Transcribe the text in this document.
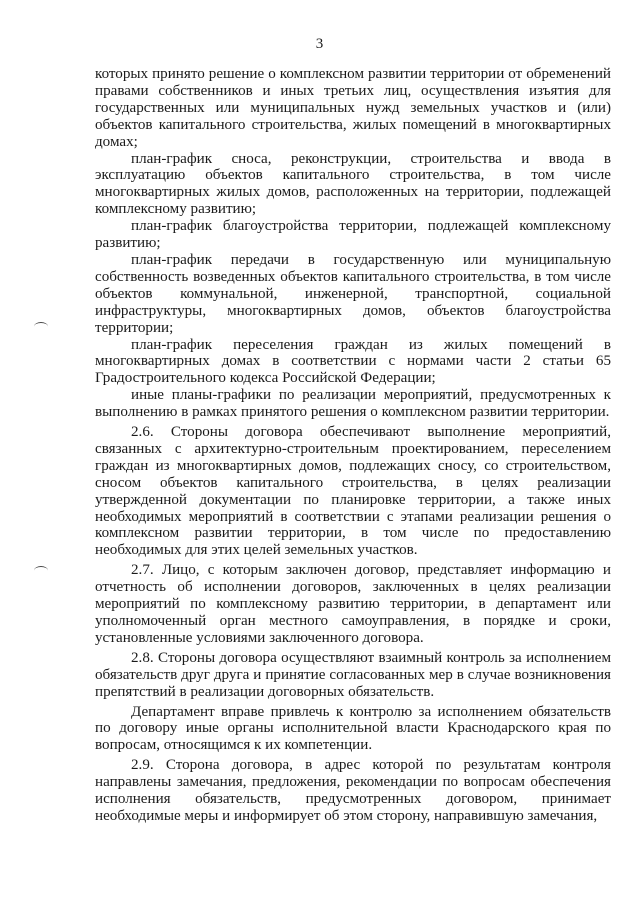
3

которых принято решение о комплексном развитии территории от обременений правами собственников и иных третьих лиц, осуществления изъятия для государственных или муниципальных нужд земельных участков и (или) объектов капитального строительства, жилых помещений в многоквартирных домах;

план-график сноса, реконструкции, строительства и ввода в эксплуатацию объектов капитального строительства, в том числе многоквартирных жилых домов, расположенных на территории, подлежащей комплексному развитию;

план-график благоустройства территории, подлежащей комплексному развитию;

план-график передачи в государственную или муниципальную собственность возведенных объектов капитального строительства, в том числе объектов коммунальной, инженерной, транспортной, социальной инфраструктуры, многоквартирных домов, объектов благоустройства территории;

план-график переселения граждан из жилых помещений в многоквартирных домах в соответствии с нормами части 2 статьи 65 Градостроительного кодекса Российской Федерации;

иные планы-графики по реализации мероприятий, предусмотренных к выполнению в рамках принятого решения о комплексном развитии территории.

2.6. Стороны договора обеспечивают выполнение мероприятий, связанных с архитектурно-строительным проектированием, переселением граждан из многоквартирных домов, подлежащих сносу, со строительством, сносом объектов капитального строительства, в целях реализации утвержденной документации по планировке территории, а также иных необходимых мероприятий в соответствии с этапами реализации решения о комплексном развитии территории, в том числе по предоставлению необходимых для этих целей земельных участков.

2.7. Лицо, с которым заключен договор, представляет информацию и отчетность об исполнении договоров, заключенных в целях реализации мероприятий по комплексному развитию территории, в департамент или уполномоченный орган местного самоуправления, в порядке и сроки, установленные условиями заключенного договора.

2.8. Стороны договора осуществляют взаимный контроль за исполнением обязательств друг друга и принятие согласованных мер в случае возникновения препятствий в реализации договорных обязательств.

Департамент вправе привлечь к контролю за исполнением обязательств по договору иные органы исполнительной власти Краснодарского края по вопросам, относящимся к их компетенции.

2.9. Сторона договора, в адрес которой по результатам контроля направлены замечания, предложения, рекомендации по вопросам обеспечения исполнения обязательств, предусмотренных договором, принимает необходимые меры и информирует об этом сторону, направившую замечания,
